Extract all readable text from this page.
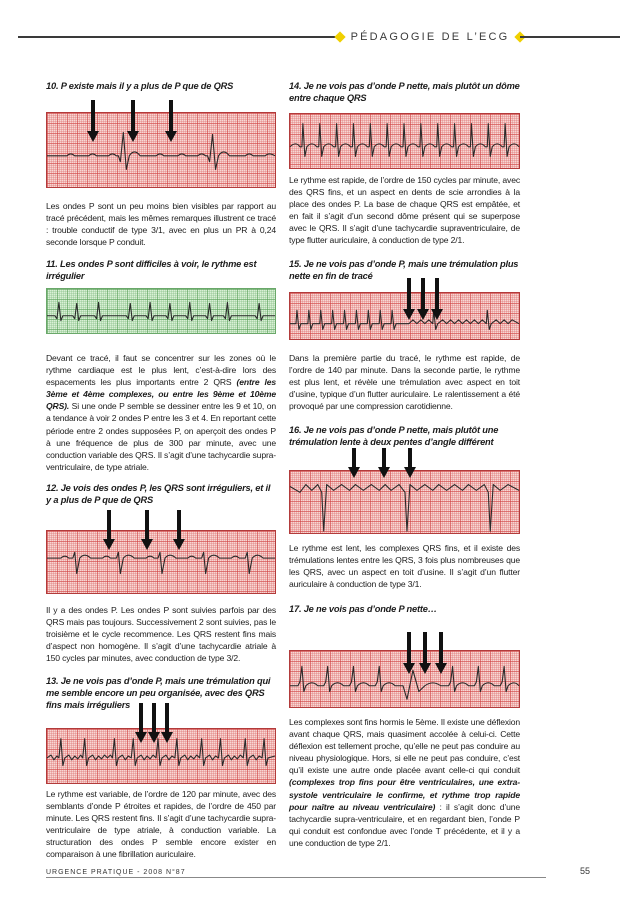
PÉDAGOGIE DE L’ECG
10. P existe mais il y a plus de P que de QRS
Les ondes P sont un peu moins bien visibles par rapport au tracé précédent, mais les mêmes remarques illustrent ce tracé : trouble conductif de type 3/1, avec en plus un PR à 0,24 seconde lorsque P conduit.
11. Les ondes P sont difficiles à voir, le rythme est irrégulier
Devant ce tracé, il faut se concentrer sur les zones où le rythme cardiaque est le plus lent, c’est-à-dire lors des espacements les plus importants entre 2 QRS (entre les 3ème et 4ème complexes, ou entre les 9ème et 10ème QRS). Si une onde P semble se dessiner entre les 9 et 10, on a tendance à voir 2 ondes P entre les 3 et 4. En reportant cette période entre 2 ondes supposées P, on aperçoit des ondes P à une fréquence de plus de 300 par minute, avec une conduction variable des QRS. Il s’agit d’une tachycardie supra-ventriculaire, de type atriale.
12. Je vois des ondes P, les QRS sont irréguliers, et il y a plus de P que de QRS
Il y a des ondes P. Les ondes P sont suivies parfois par des QRS mais pas toujours. Successivement 2 sont suivies, pas le troisième et le cycle recommence. Les QRS restent fins mais d’aspect non homogène. Il s’agit d’une tachycardie atriale à 150 cycles par minutes, avec conduction de type 3/2.
13. Je ne vois pas d’onde P, mais une trémulation qui me semble encore un peu organisée, avec des QRS fins mais irréguliers
Le rythme est variable, de l’ordre de 120 par minute, avec des semblants d’onde P étroites et rapides, de l’ordre de 450 par minute. Les QRS restent fins. Il s’agit d’une tachycardie supra-ventriculaire de type atriale, à conduction variable. La structuration des ondes P semble encore exister en comparaison à une fibrillation auriculaire.
14. Je ne vois pas d’onde P nette, mais plutôt un dôme entre chaque QRS
Le rythme est rapide, de l’ordre de 150 cycles par minute, avec des QRS fins, et un aspect en dents de scie arrondies à la place des ondes P. La base de chaque QRS est empâtée, et en fait il s’agit d’un second dôme présent qui se superpose avec le QRS. Il s’agit d’une tachycardie supraventriculaire, de type flutter auriculaire, à conduction de type 2/1.
15. Je ne vois pas d’onde P, mais une trémulation plus nette en fin de tracé
Dans la première partie du tracé, le rythme est rapide, de l’ordre de 140 par minute. Dans la seconde partie, le rythme est plus lent, et révèle une trémulation avec aspect en toit d’usine, typique d’un flutter auriculaire. Le ralentissement a été provoqué par une compression carotidienne.
16. Je ne vois pas d’onde P nette, mais plutôt une trémulation lente à deux pentes d’angle différent
Le rythme est lent, les complexes QRS fins, et il existe des trémulations lentes entre les QRS, 3 fois plus nombreuses que les QRS, avec un aspect en toit d’usine. Il s’agit d’un flutter auriculaire à conduction de type 3/1.
17. Je ne vois pas d’onde P nette…
Les complexes sont fins hormis le 5ème. Il existe une déflexion avant chaque QRS, mais quasiment accolée à celui-ci. Cette déflexion est tellement proche, qu’elle ne peut pas conduire au niveau physiologique. Hors, si elle ne peut pas conduire, c’est qu’il existe une autre onde placée avant celle-ci qui conduit (complexes trop fins pour être ventriculaires, une extra-systole ventriculaire le confirme, et rythme trop rapide pour naître au niveau ventriculaire) : il s’agit donc d’une tachycardie supra-ventriculaire, et en regardant bien, l’onde P qui conduit est confondue avec l’onde T précédente, et il y a une conduction de type 2/1.
URGENCE PRATIQUE - 2008 N°87	55
